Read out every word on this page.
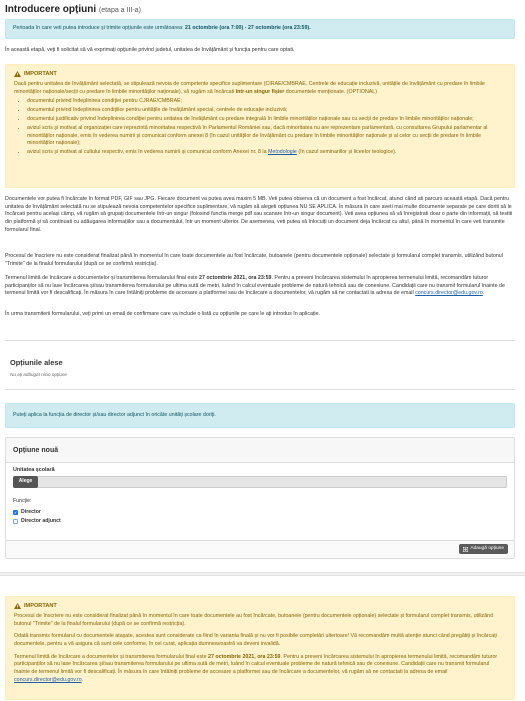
Introducere opțiuni (etapa a III-a)
Perioada în care veti putea introduce și trimite opțiunile este următoarea: 21 octombrie (ora 7:00) - 27 octombrie (ora 23:59).

În această etapă, veți fi solicitat să vă exprimați opțiunile privind judetul, unitatea de învățământ și funcția pentru care optati.

IMPORTANT
Dacă pentru unitatea de învățământ selectată, se stipulează nevoia de competente specifice suplimentare (CIRAE/CMBRAE, Centrele de educație incluzivă, unitățile de învățământ cu predare în limbile minorităților naționale/secții cu predare în limbile minorităților naționale), vă rugăm să încărcati într-un singur fișier documentele menționate. (OPTIONAL)
• documentul privind îndeplinirea condiției pentru CJRAE/CMBRAE;
• documentul privind îndeplinirea condițiilor pentru unitățile de învățământ special, centrele de educație incluzivă;
• documentul justificativ privind îndeplinirea condiției pentru unitatea de învățământ cu predare integrală în limbile minorităților naționale sau cu secții de predare în limbile minorităților naționale;
• avizul scris și motivat al organizației care reprezintă minoritatea respectivă în Parlamentul României sau, dacă minoritatea nu are reprezentare parlamentară, cu consultarea Grupului parlamentar al minorităților naționale, emis în vederea numirii și comunicat conform anexei 8 (în cazul unităților de învățământ cu predare în limbile minorităților naționale și al celor cu secții de predare în limbile minorităților naționale);
• avizul scris și motivat al cultului respectiv, emis în vederea numirii și comunicat conform Anexei nr. 8 la Metodologie (în cazul seminariilor și liceelor teologice).

Documentele vor putea fi încărcate în format PDF, GIF sau JPG. Fiecare document va putea avea maxim 5 MB. Veti putea observa că un document a fost încărcat, atunci când ati parcurs această etapă. Dacă pentru unitatea de învățământ selectată nu se stipulează nevoia competentelor specifice suplimentare, vă rugăm să alegeti opțiunea NU SE APLICA. În măsura în care aveti mai multe documente separate pe care doriti să le încărcati pentru același câmp, vă rugăm să grupați documentele într-un singur (folosind functia merge pdf sau scanare într-un singur document). Veti avea opțiunea să vă înregistrati doar o parte din informații, să testiti din platformă și să continuati cu adăugarea informațiilor sau a documentului, într un moment ulterior. De asemenea, veti putea să înlocuiți un document deja încărcat cu altul, până în momentul în care veti transmite formularul final.

Procesul de înscriere nu este considerat finalizat până în momentul în care toate documentele au fost încărcate, butoanele (pentru documentele opționale) selectate și formularul complet transmis, utilizând butonul "Trimite" de la finalul formularului (după ce se confirmă restricția).

Termenul limită de încărcare a documentelor și transmiterea formularului final este 27 octombrie 2021, ora 23:59. Pentru a preveni încărcarea sistemului în apropierea termenului limită, recomandăm tuturor participanților să nu lase încărcarea și/sau transmiterea formularului pe ultima sută de metri, luând în calcul eventuale probleme de natură tehnică sau de conexiune. Candidații care nu transmit formularul înainte de termenul limită vor fi descalificați. În măsura în care întâlniți probleme de accesare a platformei sau de încărcare a documentelor, vă rugăm să ne contactati la adresa de email concurs.director@edu.gov.ro.

În urma transmiterii formularului, veți primi un email de confirmare care va include o listă cu opțiunile pe care le ați introdus în aplicație.

Opțiunile alese
Nu ați adăugat nicio opțiune
Puteți aplica la funcția de director și/sau director adjunct în oricâte unități școlare doriți.
Opțiune nouă
Unitatea școlară
Alege
Funcție:
✓ Director
Director adjunct
Adaugă opțiune
IMPORTANT

Procesul de înscriere nu este considerat finalizat până în momentul în care toate documentele au fost încărcate, butoanele (pentru documentele opționale) selectate și formularul complet transmis, utilizând butonul "Trimite" de la finalul formularului (după ce se confirmă restricția).

Odată transmis formularul cu documentele atașate, acestea sunt considerate ca fiind în varianta finală și nu vor fi posibile completări ulterioare! Vă recomandăm multă atenție atunci când pregătiți și încărcați documentele, pentru a vă asigura că sunt cele conforme, în cel curat, aplicația dumneavoastră va deveni invalidă.

Termenul limită de încărcare a documentelor și transmiterea formularului final este 27 octombrie 2021, ora 23:59. Pentru a preveni încărcarea sistemului în apropierea termenului limită, recomandăm tuturor participanților să nu lase încărcarea și/sau transmiterea formularului pe ultima sută de metri, luând în calcul eventuale probleme de natură tehnică sau de conexiune. Candidații care nu transmit formularul înainte de termenul limită vor fi descalificați. În măsura în care întâlniți probleme de accesare a platformei sau de încărcare a documentelor, vă rugăm să ne contactati la adresa de email concurs.director@edu.gov.ro.
